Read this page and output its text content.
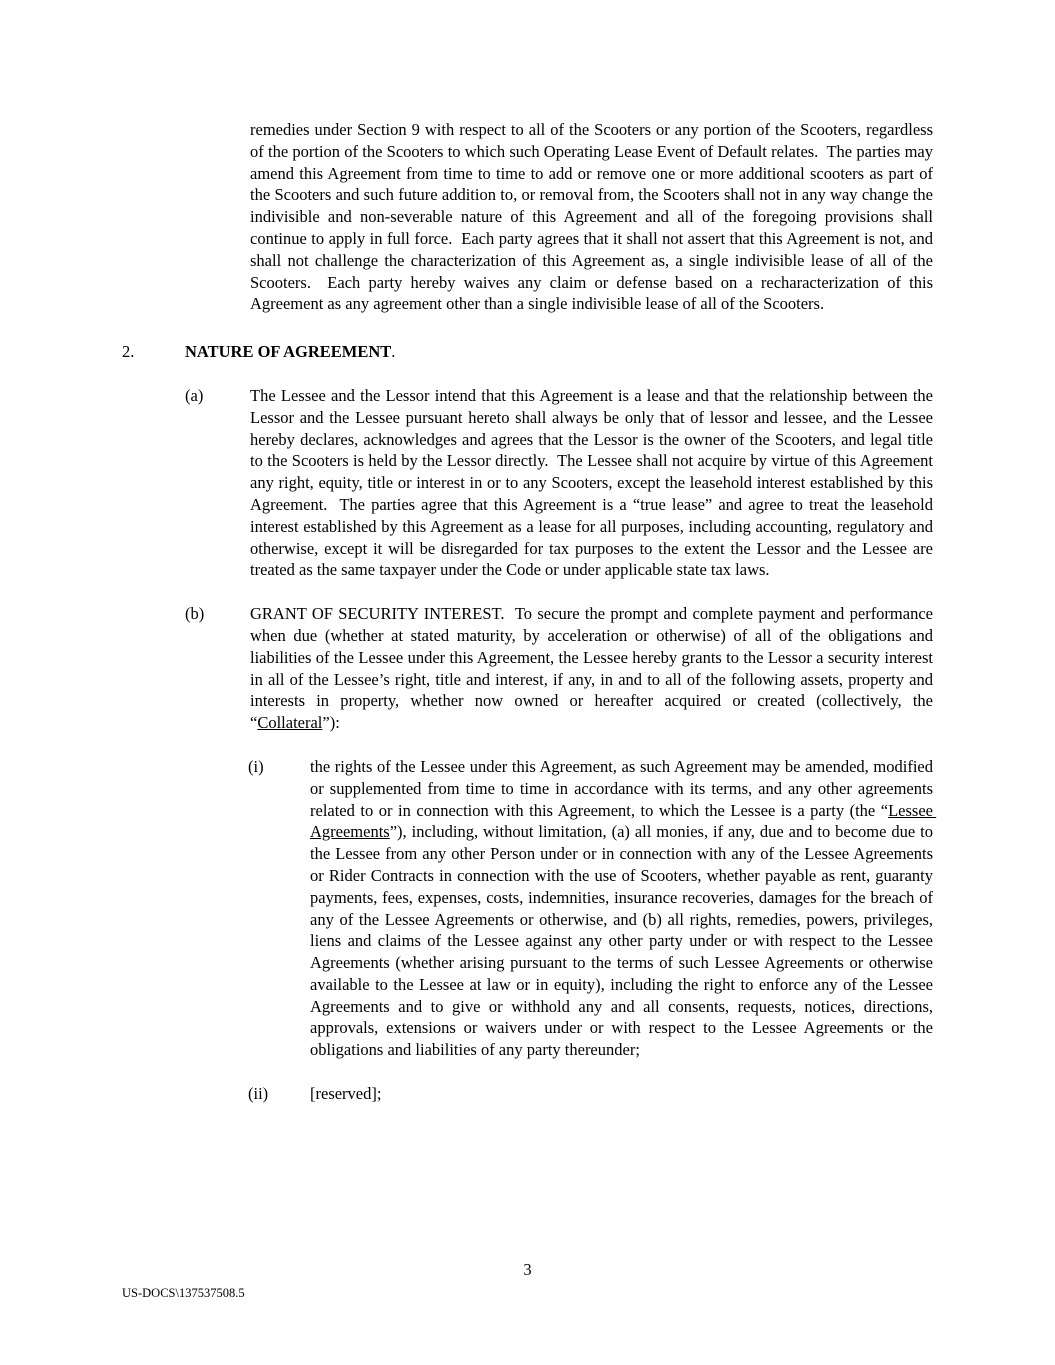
remedies under Section 9 with respect to all of the Scooters or any portion of the Scooters, regardless of the portion of the Scooters to which such Operating Lease Event of Default relates.  The parties may amend this Agreement from time to time to add or remove one or more additional scooters as part of the Scooters and such future addition to, or removal from, the Scooters shall not in any way change the indivisible and non-severable nature of this Agreement and all of the foregoing provisions shall continue to apply in full force.  Each party agrees that it shall not assert that this Agreement is not, and shall not challenge the characterization of this Agreement as, a single indivisible lease of all of the Scooters.  Each party hereby waives any claim or defense based on a recharacterization of this Agreement as any agreement other than a single indivisible lease of all of the Scooters.

2.	NATURE OF AGREEMENT.
(a)	The Lessee and the Lessor intend that this Agreement is a lease and that the relationship between the Lessor and the Lessee pursuant hereto shall always be only that of lessor and lessee, and the Lessee hereby declares, acknowledges and agrees that the Lessor is the owner of the Scooters, and legal title to the Scooters is held by the Lessor directly.  The Lessee shall not acquire by virtue of this Agreement any right, equity, title or interest in or to any Scooters, except the leasehold interest established by this Agreement.  The parties agree that this Agreement is a “true lease” and agree to treat the leasehold interest established by this Agreement as a lease for all purposes, including accounting, regulatory and otherwise, except it will be disregarded for tax purposes to the extent the Lessor and the Lessee are treated as the same taxpayer under the Code or under applicable state tax laws.
(b)	GRANT OF SECURITY INTEREST.  To secure the prompt and complete payment and performance when due (whether at stated maturity, by acceleration or otherwise) of all of the obligations and liabilities of the Lessee under this Agreement, the Lessee hereby grants to the Lessor a security interest in all of the Lessee’s right, title and interest, if any, in and to all of the following assets, property and interests in property, whether now owned or hereafter acquired or created (collectively, the “Collateral”):
(i)	the rights of the Lessee under this Agreement, as such Agreement may be amended, modified or supplemented from time to time in accordance with its terms, and any other agreements related to or in connection with this Agreement, to which the Lessee is a party (the “Lessee Agreements”), including, without limitation, (a) all monies, if any, due and to become due to the Lessee from any other Person under or in connection with any of the Lessee Agreements or Rider Contracts in connection with the use of Scooters, whether payable as rent, guaranty payments, fees, expenses, costs, indemnities, insurance recoveries, damages for the breach of any of the Lessee Agreements or otherwise, and (b) all rights, remedies, powers, privileges, liens and claims of the Lessee against any other party under or with respect to the Lessee Agreements (whether arising pursuant to the terms of such Lessee Agreements or otherwise available to the Lessee at law or in equity), including the right to enforce any of the Lessee Agreements and to give or withhold any and all consents, requests, notices, directions, approvals, extensions or waivers under or with respect to the Lessee Agreements or the obligations and liabilities of any party thereunder;
(ii)	[reserved];
3
US-DOCS\137537508.5
